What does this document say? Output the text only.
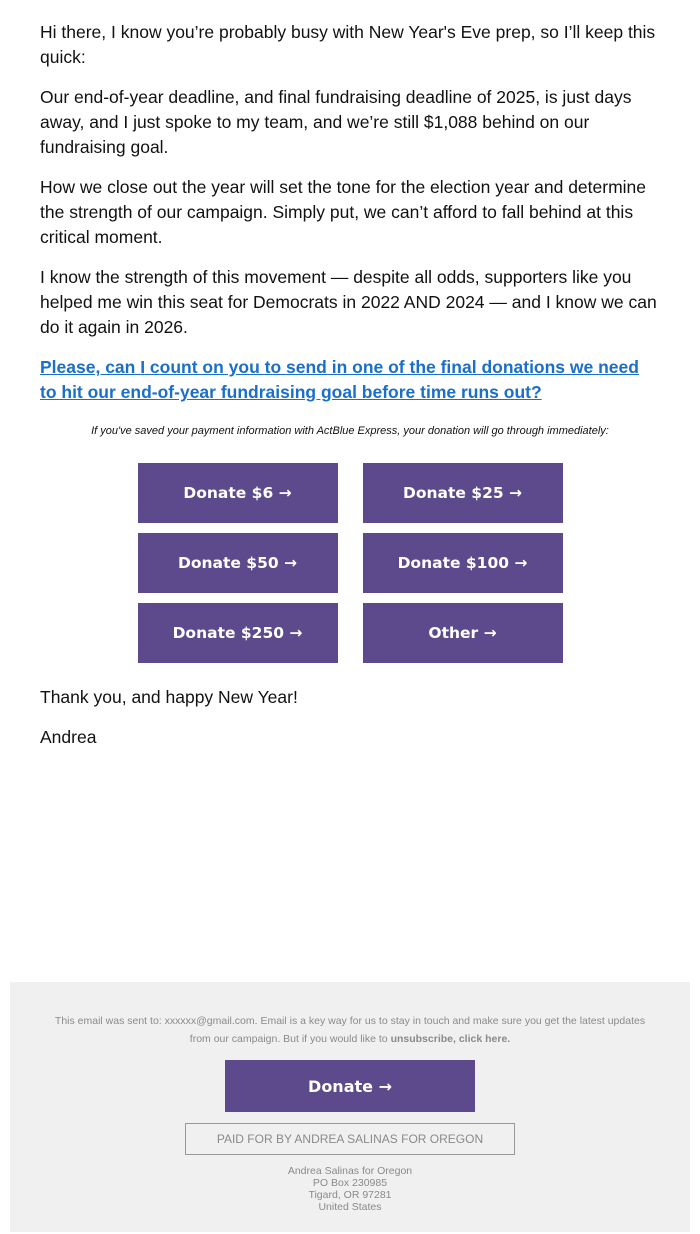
Hi there, I know you’re probably busy with New Year's Eve prep, so I’ll keep this quick:

Our end-of-year deadline, and final fundraising deadline of 2025, is just days away, and I just spoke to my team, and we’re still $1,088 behind on our fundraising goal.

How we close out the year will set the tone for the election year and determine the strength of our campaign. Simply put, we can’t afford to fall behind at this critical moment.

I know the strength of this movement — despite all odds, supporters like you helped me win this seat for Democrats in 2022 AND 2024 — and I know we can do it again in 2026.

Please, can I count on you to send in one of the final donations we need to hit our end-of-year fundraising goal before time runs out?

If you've saved your payment information with ActBlue Express, your donation will go through immediately:

Donate $6 →	Donate $25 →
Donate $50 →	Donate $100 →
Donate $250 →	Other →

Thank you, and happy New Year!

Andrea

This email was sent to: xxxxxx@gmail.com. Email is a key way for us to stay in touch and make sure you get the latest updates from our campaign. But if you would like to unsubscribe, click here.
Donate →
PAID FOR BY ANDREA SALINAS FOR OREGON
Andrea Salinas for Oregon
PO Box 230985
Tigard, OR 97281
United States
